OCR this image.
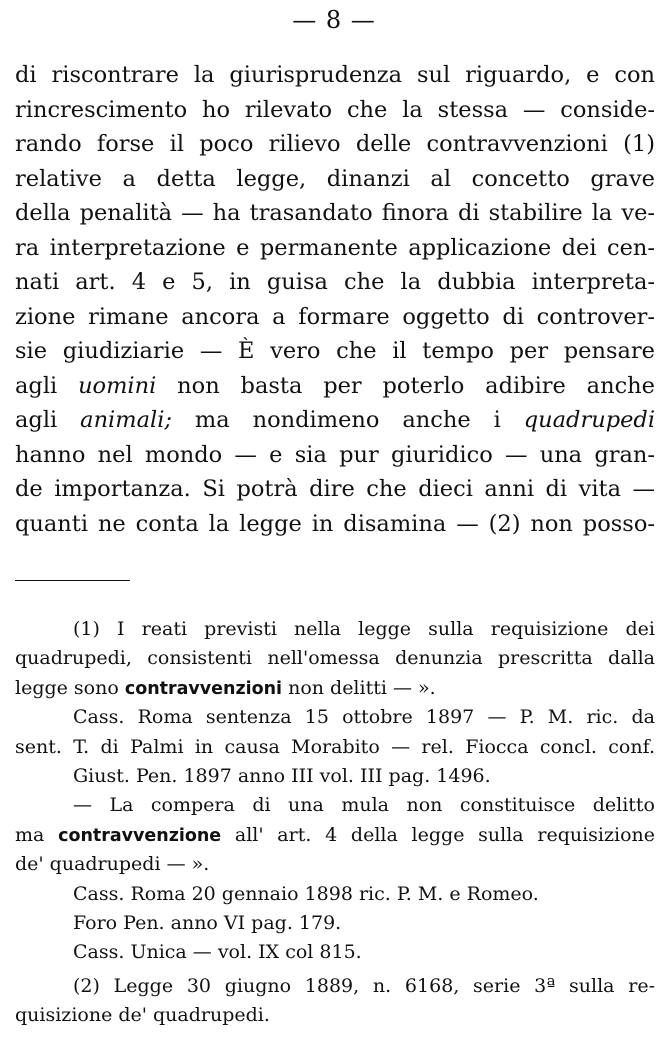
— 8 —
di riscontrare la giurisprudenza sul riguardo, e con
rincrescimento ho rilevato che la stessa — conside-
rando forse il poco rilievo delle contravvenzioni (1)
relative a detta legge, dinanzi al concetto grave
della penalità — ha trasandato finora di stabilire la ve-
ra interpretazione e permanente applicazione dei cen-
nati art. 4 e 5, in guisa che la dubbia interpreta-
zione rimane ancora a formare oggetto di controver-
sie giudiziarie — È vero che il tempo per pensare
agli uomini non basta per poterlo adibire anche
agli animali; ma nondimeno anche i quadrupedi
hanno nel mondo — e sia pur giuridico — una gran-
de importanza. Si potrà dire che dieci anni di vita —
quanti ne conta la legge in disamina — (2) non posso-
(1) I reati previsti nella legge sulla requisizione dei
quadrupedi, consistenti nell'omessa denunzia prescritta dalla
legge sono contravvenzioni non delitti — ».
Cass. Roma sentenza 15 ottobre 1897 — P. M. ric. da
sent. T. di Palmi in causa Morabito — rel. Fiocca concl. conf.
Giust. Pen. 1897 anno III vol. III pag. 1496.
— La compera di una mula non constituisce delitto
ma contravvenzione all' art. 4 della legge sulla requisizione
de' quadrupedi — ».
Cass. Roma 20 gennaio 1898 ric. P. M. e Romeo.
Foro Pen. anno VI pag. 179.
Cass. Unica — vol. IX col 815.
(2) Legge 30 giugno 1889, n. 6168, serie 3ª sulla re-
quisizione de' quadrupedi.
